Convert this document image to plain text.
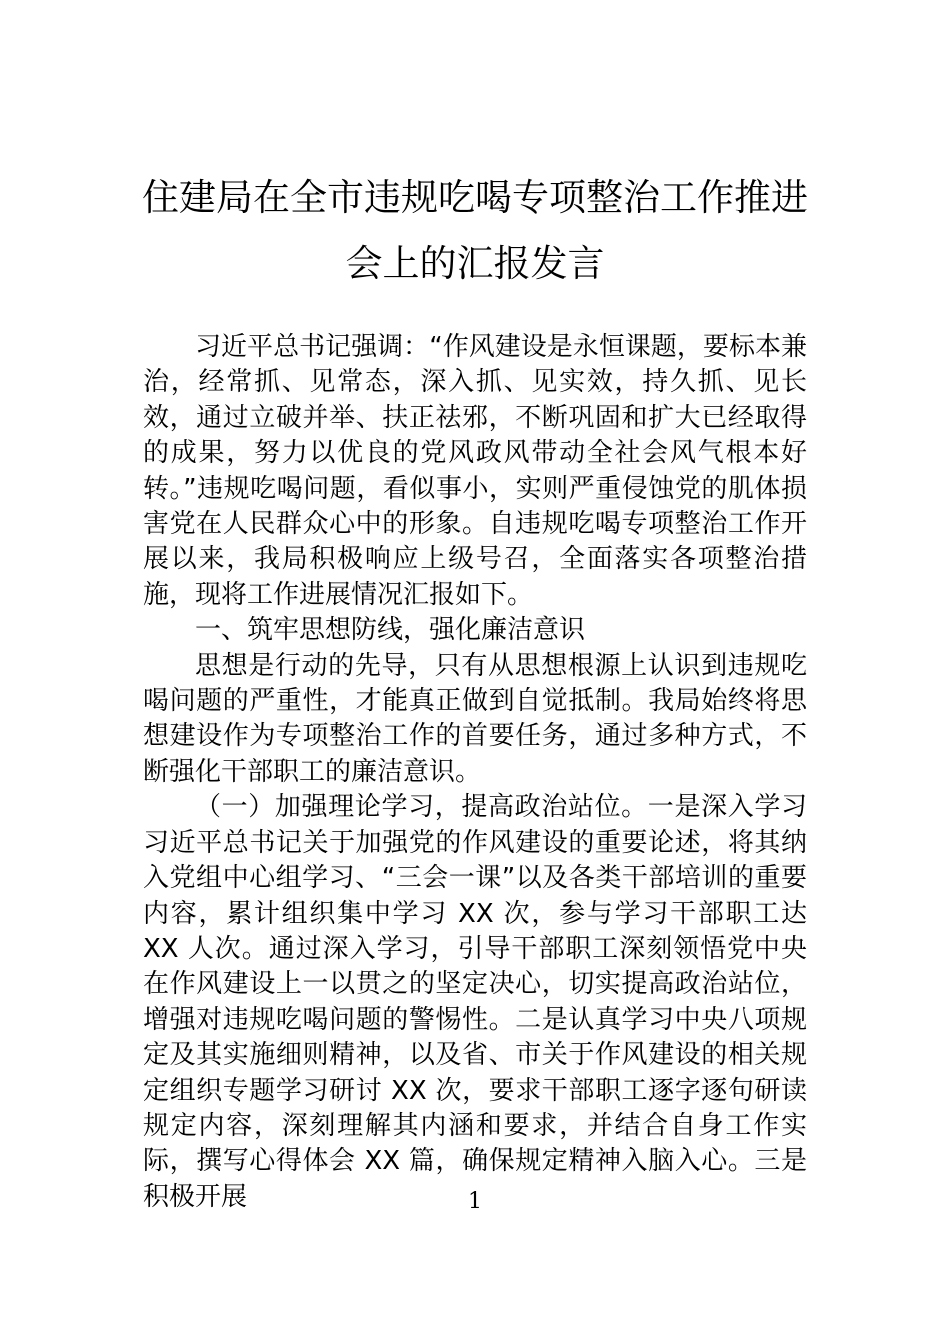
住建局在全市违规吃喝专项整治工作推进
会上的汇报发言

习近平总书记强调：“作风建设是永恒课题，要标本兼治，经常抓、见常态，深入抓、见实效，持久抓、见长效，通过立破并举、扶正祛邪，不断巩固和扩大已经取得的成果，努力以优良的党风政风带动全社会风气根本好转。”违规吃喝问题，看似事小，实则严重侵蚀党的肌体损害党在人民群众心中的形象。自违规吃喝专项整治工作开展以来，我局积极响应上级号召，全面落实各项整治措施，现将工作进展情况汇报如下。

一、筑牢思想防线，强化廉洁意识

思想是行动的先导，只有从思想根源上认识到违规吃喝问题的严重性，才能真正做到自觉抵制。我局始终将思想建设作为专项整治工作的首要任务，通过多种方式，不断强化干部职工的廉洁意识。

（一）加强理论学习，提高政治站位。一是深入学习习近平总书记关于加强党的作风建设的重要论述，将其纳入党组中心组学习、“三会一课”以及各类干部培训的重要内容，累计组织集中学习 XX 次，参与学习干部职工达 XX 人次。通过深入学习，引导干部职工深刻领悟党中央在作风建设上一以贯之的坚定决心，切实提高政治站位，增强对违规吃喝问题的警惕性。二是认真学习中央八项规定及其实施细则精神，以及省、市关于作风建设的相关规定组织专题学习研讨 XX 次，要求干部职工逐字逐句研读规定内容，深刻理解其内涵和要求，并结合自身工作实际，撰写心得体会 XX 篇，确保规定精神入脑入心。三是积极开展	1
